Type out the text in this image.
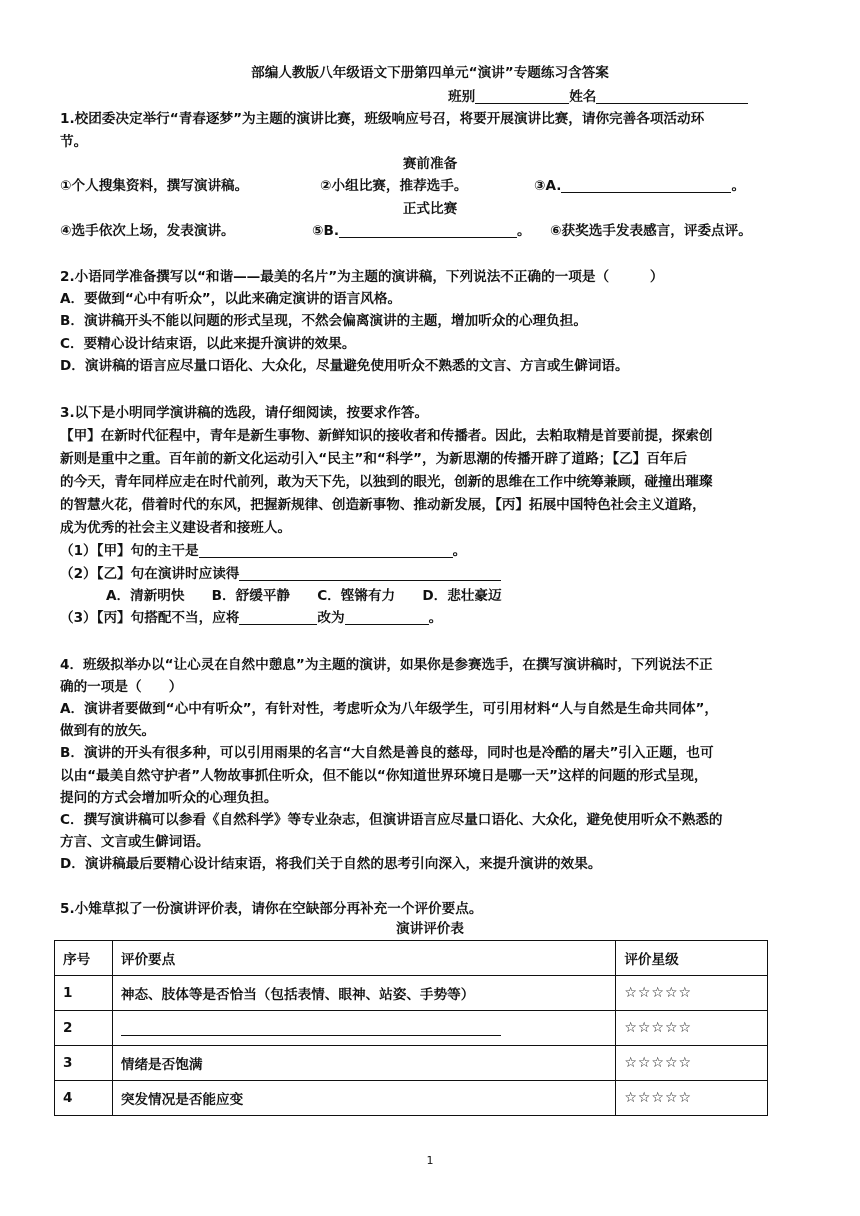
部编人教版八年级语文下册第四单元“演讲”专题练习含答案
班别	姓名
1.校团委决定举行“青春逐梦”为主题的演讲比赛，班级响应号召，将要开展演讲比赛，请你完善各项活动环
节。
赛前准备
①个人搜集资料，撰写演讲稿。	②小组比赛，推荐选手。	③A.	。
正式比赛
④选手依次上场，发表演讲。	⑤B.	。 ⑥获奖选手发表感言，评委点评。
2.小语同学准备撰写以“和谐——最美的名片”为主题的演讲稿，下列说法不正确的一项是（　　　）
A．要做到“心中有听众”，以此来确定演讲的语言风格。
B．演讲稿开头不能以问题的形式呈现，不然会偏离演讲的主题，增加听众的心理负担。
C．要精心设计结束语，以此来提升演讲的效果。
D．演讲稿的语言应尽量口语化、大众化，尽量避免使用听众不熟悉的文言、方言或生僻词语。
3.以下是小明同学演讲稿的选段，请仔细阅读，按要求作答。
【甲】在新时代征程中，青年是新生事物、新鲜知识的接收者和传播者。因此，去粕取精是首要前提，探索创
新则是重中之重。百年前的新文化运动引入“民主”和“科学”，为新思潮的传播开辟了道路；【乙】百年后
的今天，青年同样应走在时代前列，敢为天下先，以独到的眼光，创新的思维在工作中统筹兼顾，碰撞出璀璨
的智慧火花，借着时代的东风，把握新规律、创造新事物、推动新发展，【丙】拓展中国特色社会主义道路，
成为优秀的社会主义建设者和接班人。
（1）【甲】句的主干是	。
（2）【乙】句在演讲时应读得
A．清新明快　　B．舒缓平静　　C．铿锵有力　　D．悲壮豪迈
（3）【丙】句搭配不当，应将	改为	。
4．班级拟举办以“让心灵在自然中憩息”为主题的演讲，如果你是参赛选手，在撰写演讲稿时，下列说法不正
确的一项是（　　）
A．演讲者要做到“心中有听众”，有针对性，考虑听众为八年级学生，可引用材料“人与自然是生命共同体”，
做到有的放矢。
B．演讲的开头有很多种，可以引用雨果的名言“大自然是善良的慈母，同时也是冷酷的屠夫”引入正题，也可
以由“最美自然守护者”人物故事抓住听众，但不能以“你知道世界环境日是哪一天”这样的问题的形式呈现，
提问的方式会增加听众的心理负担。
C．撰写演讲稿可以参看《自然科学》等专业杂志，但演讲语言应尽量口语化、大众化，避免使用听众不熟悉的
方言、文言或生僻词语。
D．演讲稿最后要精心设计结束语，将我们关于自然的思考引向深入，来提升演讲的效果。
5.小雉草拟了一份演讲评价表，请你在空缺部分再补充一个评价要点。
演讲评价表
序号	评价要点	评价星级
1	神态、肢体等是否恰当（包括表情、眼神、站姿、手势等）	☆☆☆☆☆
2		☆☆☆☆☆
3	情绪是否饱满	☆☆☆☆☆
4	突发情况是否能应变	☆☆☆☆☆
1
